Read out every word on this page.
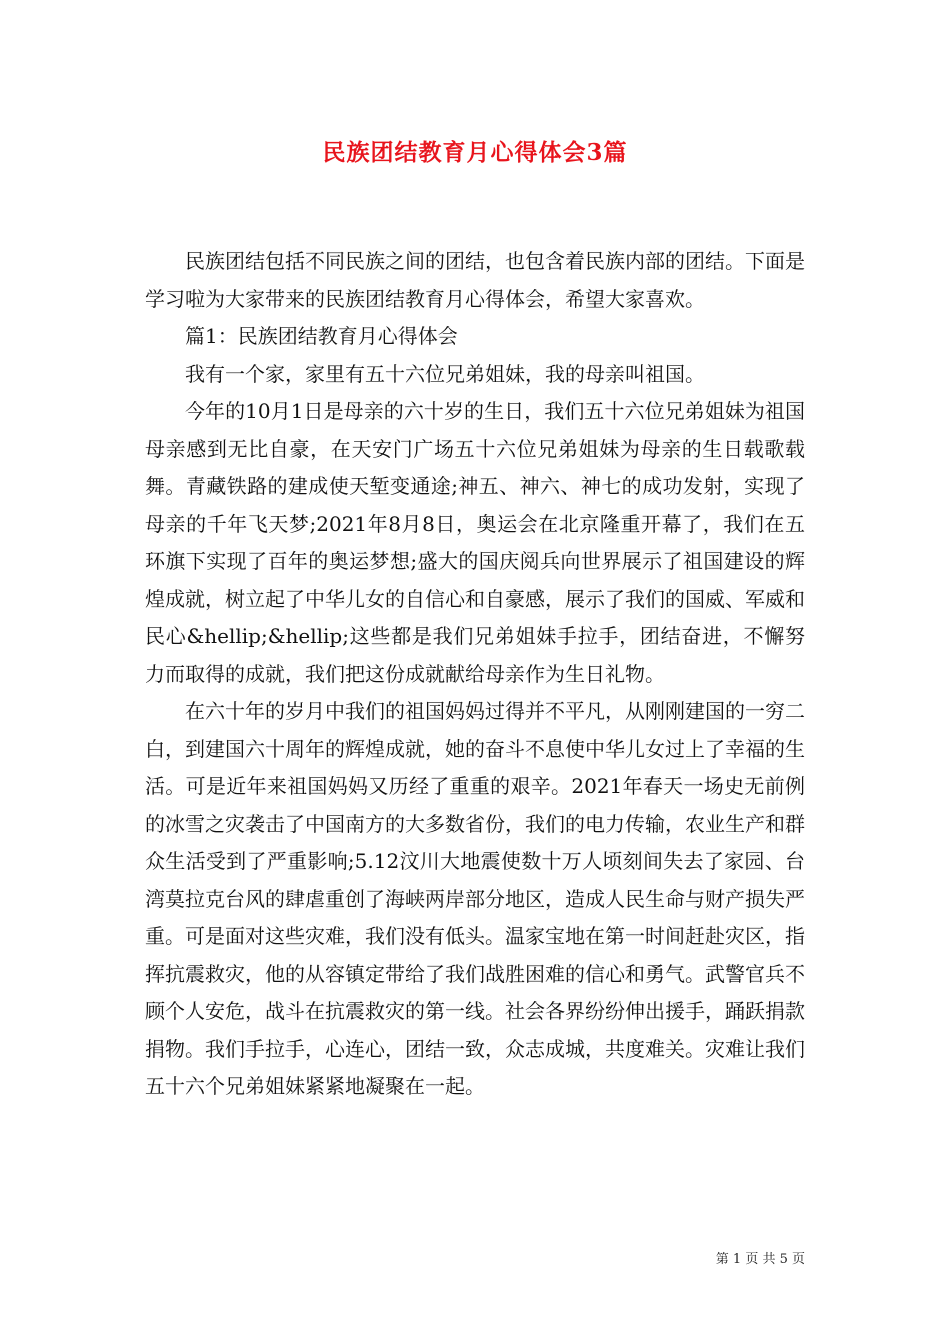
民族团结教育月心得体会3篇

民族团结包括不同民族之间的团结，也包含着民族内部的团结。下面是学习啦为大家带来的民族团结教育月心得体会，希望大家喜欢。

篇1：民族团结教育月心得体会

我有一个家，家里有五十六位兄弟姐妹，我的母亲叫祖国。

今年的10月1日是母亲的六十岁的生日，我们五十六位兄弟姐妹为祖国母亲感到无比自豪，在天安门广场五十六位兄弟姐妹为母亲的生日载歌载舞。青藏铁路的建成使天堑变通途;神五、神六、神七的成功发射，实现了母亲的千年飞天梦;2021年8月8日，奥运会在北京隆重开幕了，我们在五环旗下实现了百年的奥运梦想;盛大的国庆阅兵向世界展示了祖国建设的辉煌成就，树立起了中华儿女的自信心和自豪感，展示了我们的国威、军威和民心&hellip;&hellip;这些都是我们兄弟姐妹手拉手，团结奋进，不懈努力而取得的成就，我们把这份成就献给母亲作为生日礼物。

在六十年的岁月中我们的祖国妈妈过得并不平凡，从刚刚建国的一穷二白，到建国六十周年的辉煌成就，她的奋斗不息使中华儿女过上了幸福的生活。可是近年来祖国妈妈又历经了重重的艰辛。2021年春天一场史无前例的冰雪之灾袭击了中国南方的大多数省份，我们的电力传输，农业生产和群众生活受到了严重影响;5.12汶川大地震使数十万人顷刻间失去了家园、台湾莫拉克台风的肆虐重创了海峡两岸部分地区，造成人民生命与财产损失严重。可是面对这些灾难，我们没有低头。温家宝地在第一时间赶赴灾区，指挥抗震救灾，他的从容镇定带给了我们战胜困难的信心和勇气。武警官兵不顾个人安危，战斗在抗震救灾的第一线。社会各界纷纷伸出援手，踊跃捐款捐物。我们手拉手，心连心，团结一致，众志成城，共度难关。灾难让我们五十六个兄弟姐妹紧紧地凝聚在一起。

第 1 页 共 5 页
